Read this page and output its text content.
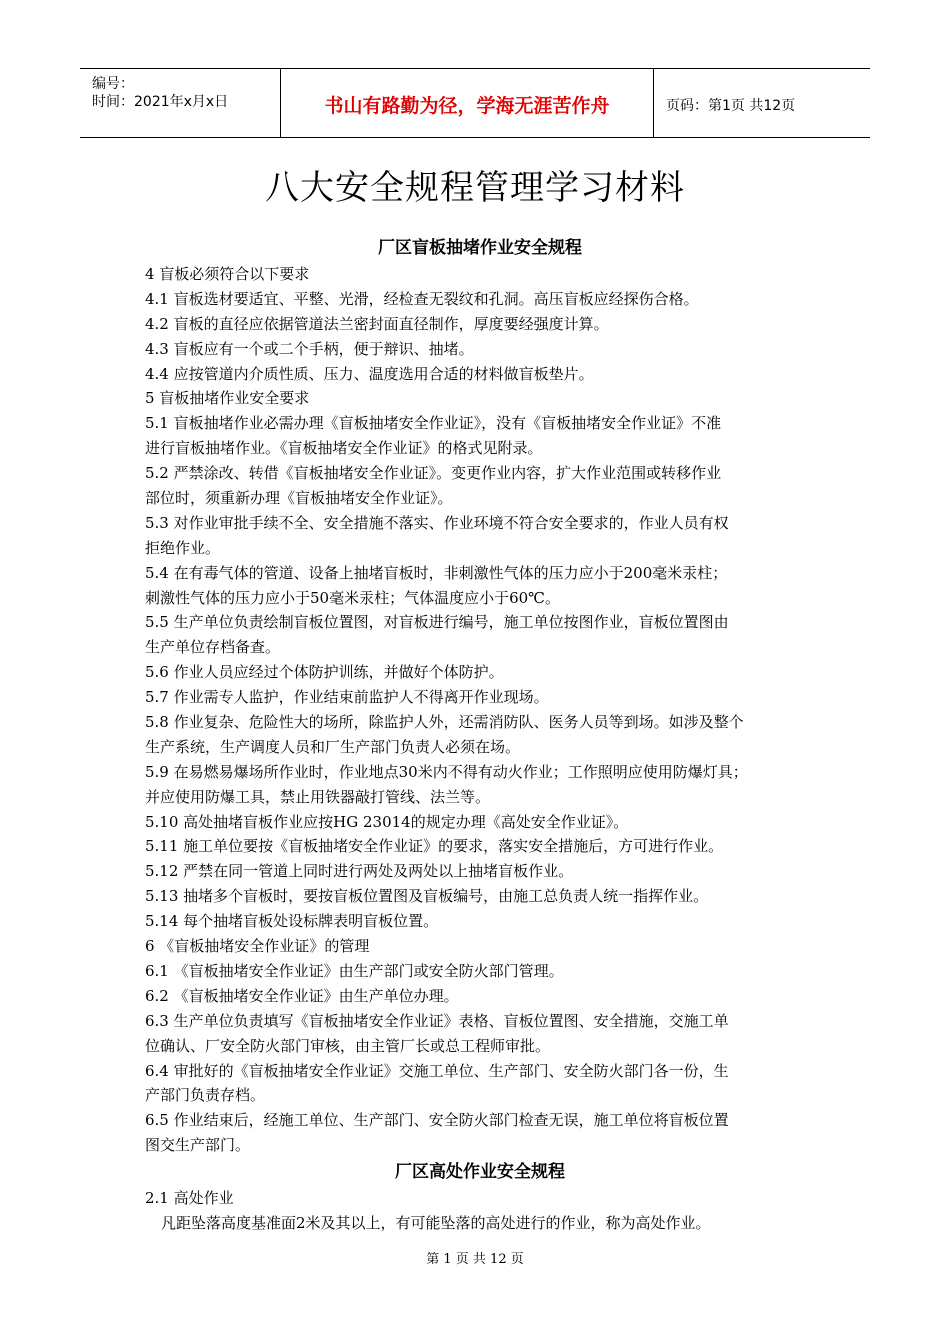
编号：
时间：2021年x月x日	书山有路勤为径，学海无涯苦作舟	页码：第1页 共12页
八大安全规程管理学习材料
厂区盲板抽堵作业安全规程
4 盲板必须符合以下要求
4.1 盲板选材要适宜、平整、光滑，经检查无裂纹和孔洞。高压盲板应经探伤合格。
4.2 盲板的直径应依据管道法兰密封面直径制作，厚度要经强度计算。
4.3 盲板应有一个或二个手柄，便于辩识、抽堵。
4.4 应按管道内介质性质、压力、温度选用合适的材料做盲板垫片。
5 盲板抽堵作业安全要求
5.1 盲板抽堵作业必需办理《盲板抽堵安全作业证》，没有《盲板抽堵安全作业证》不准
进行盲板抽堵作业。《盲板抽堵安全作业证》的格式见附录。
5.2 严禁涂改、转借《盲板抽堵安全作业证》。变更作业内容，扩大作业范围或转移作业
部位时，须重新办理《盲板抽堵安全作业证》。
5.3 对作业审批手续不全、安全措施不落实、作业环境不符合安全要求的，作业人员有权
拒绝作业。
5.4 在有毒气体的管道、设备上抽堵盲板时，非刺激性气体的压力应小于200毫米汞柱；
刺激性气体的压力应小于50毫米汞柱；气体温度应小于60℃。
5.5 生产单位负责绘制盲板位置图，对盲板进行编号，施工单位按图作业，盲板位置图由
生产单位存档备查。
5.6 作业人员应经过个体防护训练，并做好个体防护。
5.7 作业需专人监护，作业结束前监护人不得离开作业现场。
5.8 作业复杂、危险性大的场所，除监护人外，还需消防队、医务人员等到场。如涉及整个
生产系统，生产调度人员和厂生产部门负责人必须在场。
5.9 在易燃易爆场所作业时，作业地点30米内不得有动火作业；工作照明应使用防爆灯具；
并应使用防爆工具，禁止用铁器敲打管线、法兰等。
5.10 高处抽堵盲板作业应按HG 23014的规定办理《高处安全作业证》。
5.11 施工单位要按《盲板抽堵安全作业证》的要求，落实安全措施后，方可进行作业。
5.12 严禁在同一管道上同时进行两处及两处以上抽堵盲板作业。
5.13 抽堵多个盲板时，要按盲板位置图及盲板编号，由施工总负责人统一指挥作业。
5.14 每个抽堵盲板处设标牌表明盲板位置。
6 《盲板抽堵安全作业证》的管理
6.1 《盲板抽堵安全作业证》由生产部门或安全防火部门管理。
6.2 《盲板抽堵安全作业证》由生产单位办理。
6.3 生产单位负责填写《盲板抽堵安全作业证》表格、盲板位置图、安全措施，交施工单
位确认、厂安全防火部门审核，由主管厂长或总工程师审批。
6.4 审批好的《盲板抽堵安全作业证》交施工单位、生产部门、安全防火部门各一份，生
产部门负责存档。
6.5 作业结束后，经施工单位、生产部门、安全防火部门检查无误，施工单位将盲板位置
图交生产部门。
厂区高处作业安全规程
2.1 高处作业
凡距坠落高度基准面2米及其以上，有可能坠落的高处进行的作业，称为高处作业。
第 1 页 共 12 页
